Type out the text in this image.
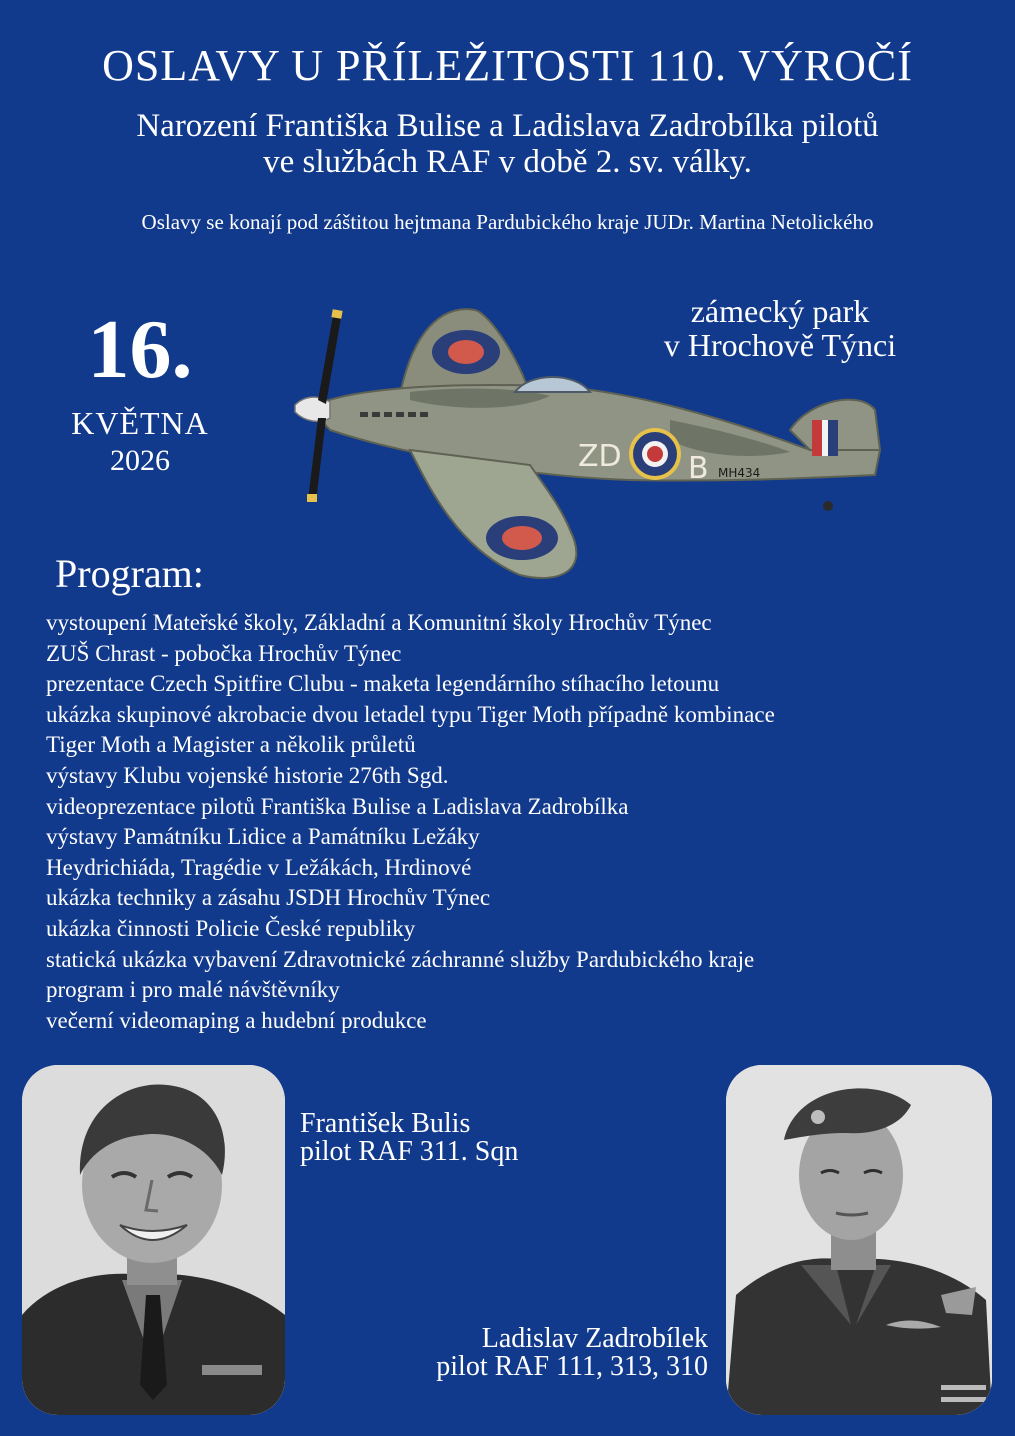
OSLAVY U PŘÍLEŽITOSTI 110. VÝROČÍ
Narození Františka Bulise a Ladislava Zadrobílka pilotů
ve službách RAF v době 2. sv. války.
Oslavy se konají pod záštitou hejtmana Pardubického kraje JUDr. Martina Netolického
16.
KVĚTNA
2026
zámecký park
v Hrochově Týnci
ZD B MH434
Program:
vystoupení Mateřské školy, Základní a Komunitní školy Hrochův Týnec
ZUŠ Chrast - pobočka Hrochův Týnec
prezentace Czech Spitfire Clubu - maketa legendárního stíhacího letounu
ukázka skupinové akrobacie dvou letadel typu Tiger Moth případně kombinace
Tiger Moth a Magister a několik průletů
výstavy Klubu vojenské historie 276th Sgd.
videoprezentace pilotů Františka Bulise a Ladislava Zadrobílka
výstavy Památníku Lidice a Památníku Ležáky
Heydrichiáda, Tragédie v Ležákách, Hrdinové
ukázka techniky a zásahu JSDH Hrochův Týnec
ukázka činnosti Policie České republiky
statická ukázka vybavení Zdravotnické záchranné služby Pardubického kraje
program i pro malé návštěvníky
večerní videomaping a hudební produkce
František Bulis
pilot RAF 311. Sqn
Ladislav Zadrobílek
pilot RAF 111, 313, 310
